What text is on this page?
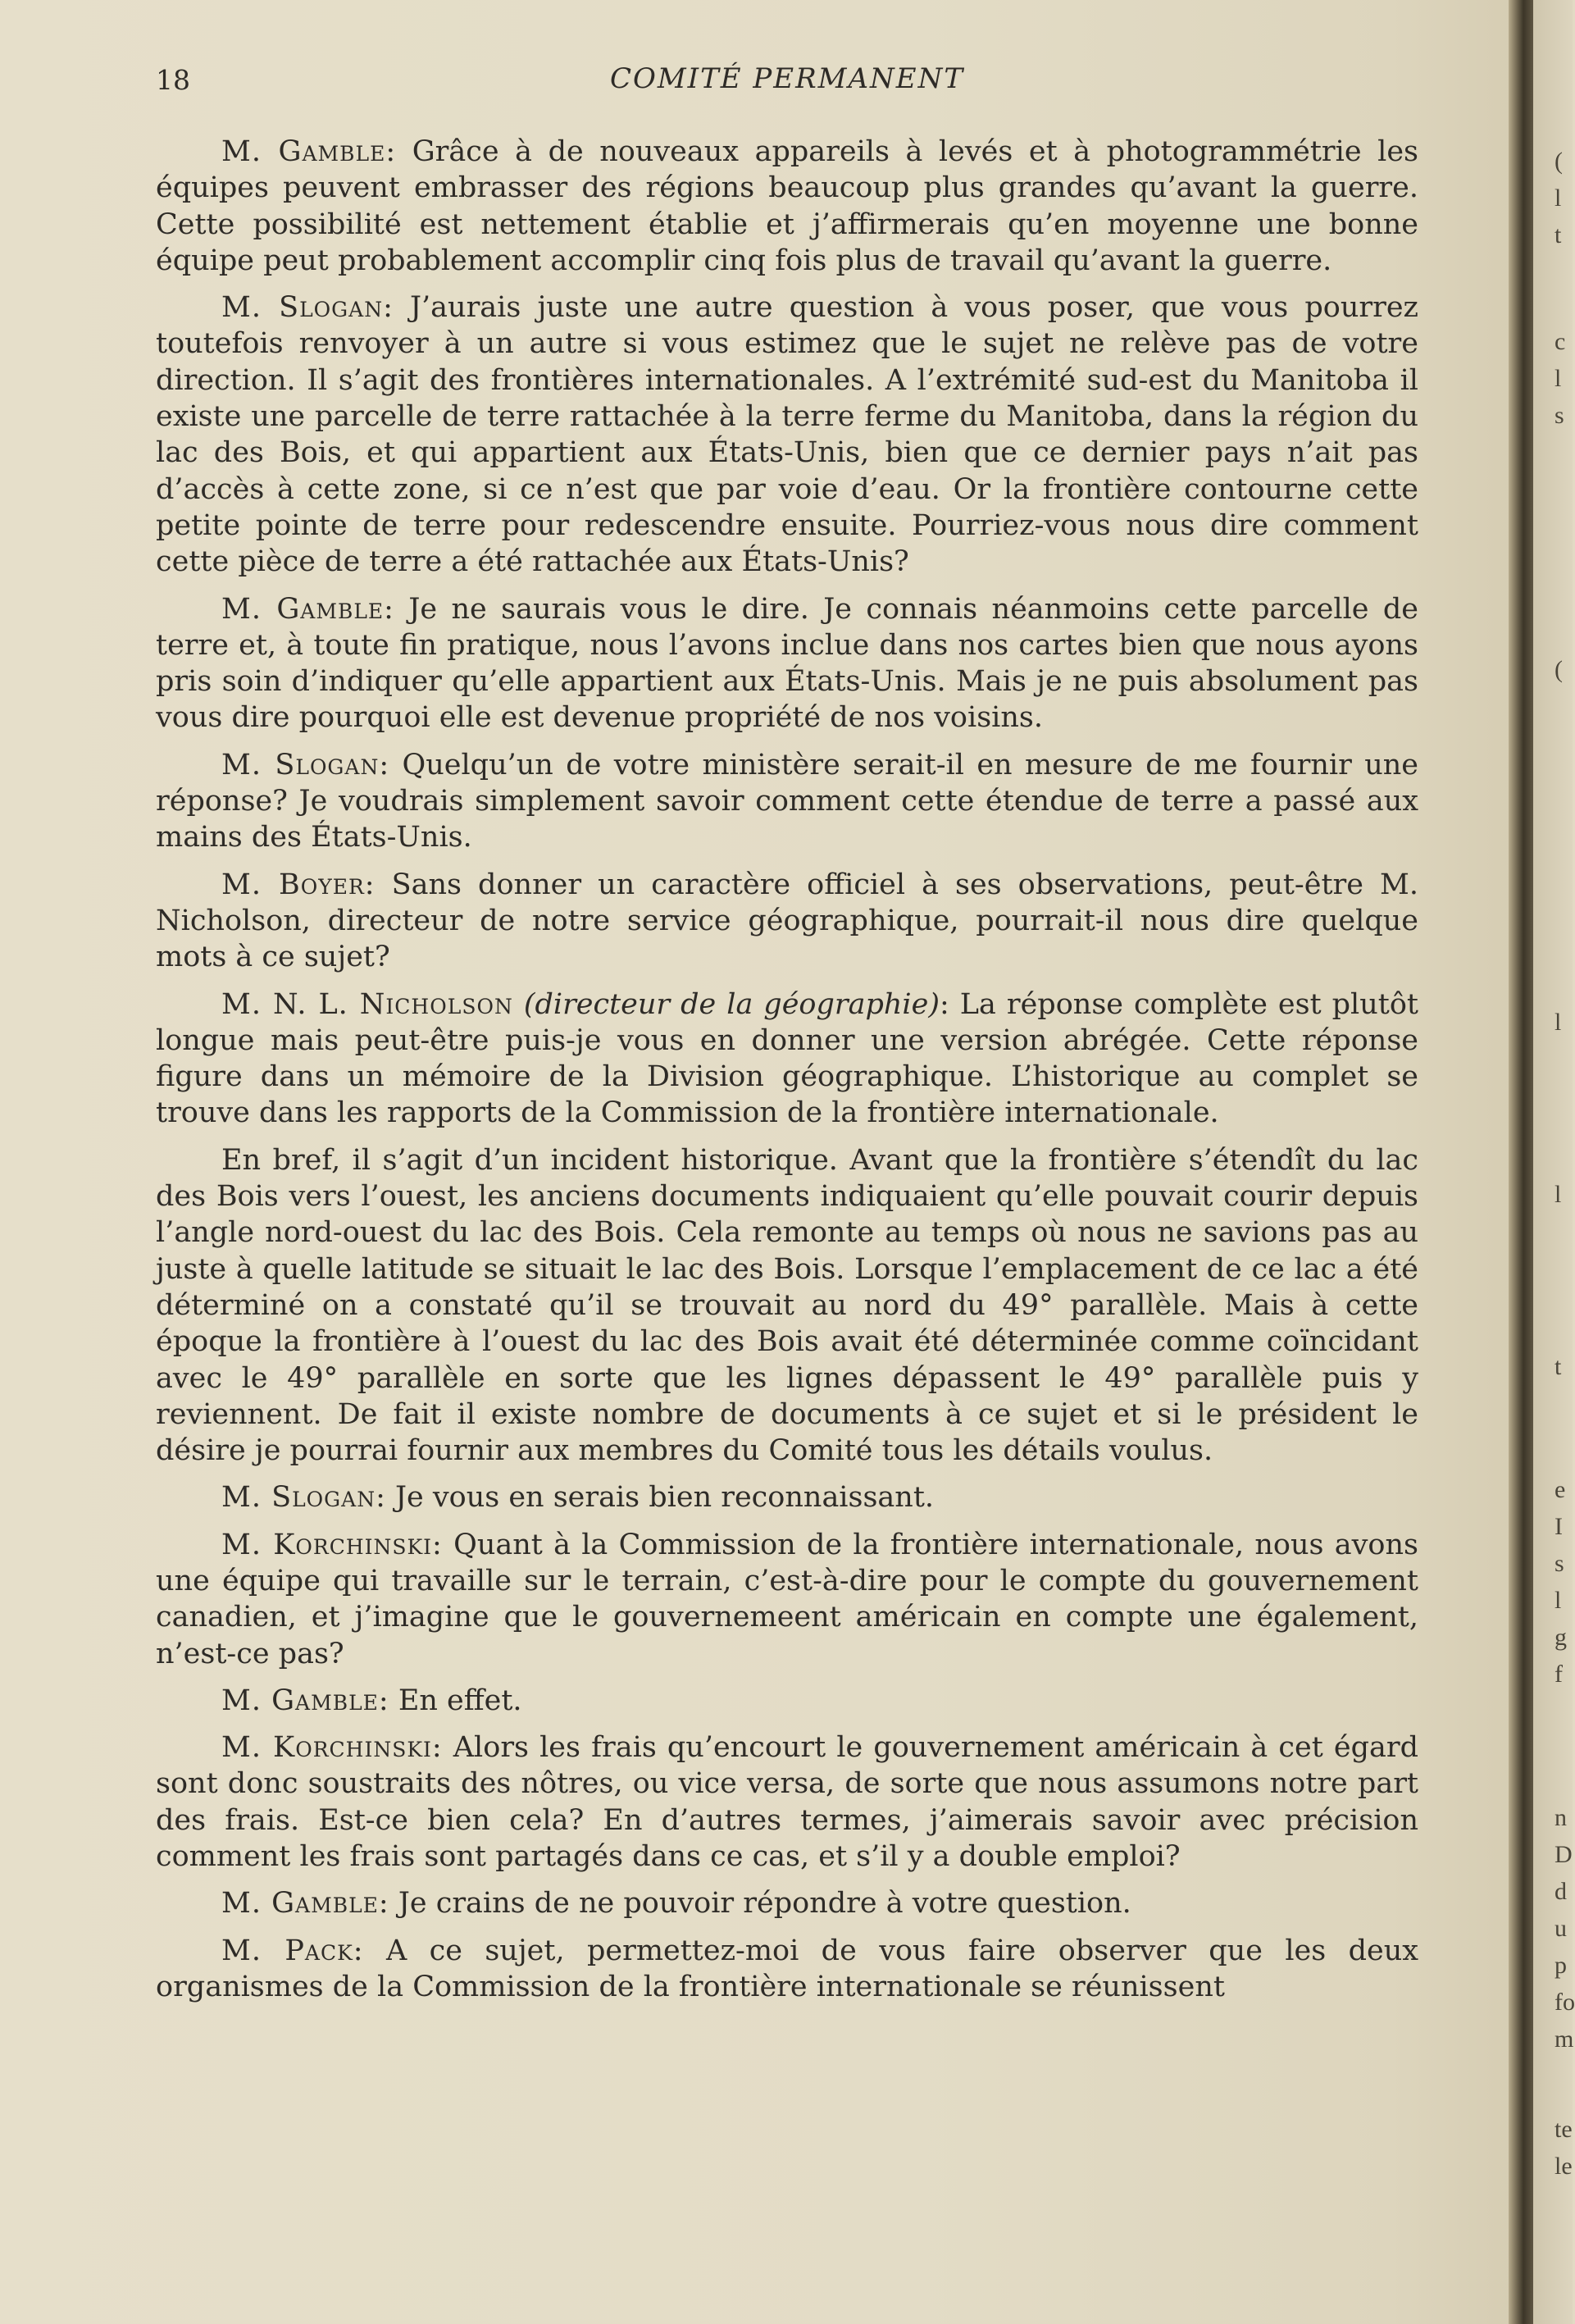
18	COMITÉ PERMANENT

M. Gamble: Grâce à de nouveaux appareils à levés et à photogrammétrie les équipes peuvent embrasser des régions beaucoup plus grandes qu’avant la guerre. Cette possibilité est nettement établie et j’affirmerais qu’en moyenne une bonne équipe peut probablement accomplir cinq fois plus de travail qu’avant la guerre.

M. Slogan: J’aurais juste une autre question à vous poser, que vous pourrez toutefois renvoyer à un autre si vous estimez que le sujet ne relève pas de votre direction. Il s’agit des frontières internationales. A l’extrémité sud-est du Manitoba il existe une parcelle de terre rattachée à la terre ferme du Manitoba, dans la région du lac des Bois, et qui appartient aux États-Unis, bien que ce dernier pays n’ait pas d’accès à cette zone, si ce n’est que par voie d’eau. Or la frontière contourne cette petite pointe de terre pour redescendre ensuite. Pourriez-vous nous dire comment cette pièce de terre a été rattachée aux États-Unis?

M. Gamble: Je ne saurais vous le dire. Je connais néanmoins cette parcelle de terre et, à toute fin pratique, nous l’avons inclue dans nos cartes bien que nous ayons pris soin d’indiquer qu’elle appartient aux États-Unis. Mais je ne puis absolument pas vous dire pourquoi elle est devenue propriété de nos voisins.

M. Slogan: Quelqu’un de votre ministère serait-il en mesure de me fournir une réponse? Je voudrais simplement savoir comment cette étendue de terre a passé aux mains des États-Unis.

M. Boyer: Sans donner un caractère officiel à ses observations, peut-être M. Nicholson, directeur de notre service géographique, pourrait-il nous dire quelque mots à ce sujet?

M. N. L. Nicholson (directeur de la géographie): La réponse complète est plutôt longue mais peut-être puis-je vous en donner une version abrégée. Cette réponse figure dans un mémoire de la Division géographique. L’historique au complet se trouve dans les rapports de la Commission de la frontière internationale.

En bref, il s’agit d’un incident historique. Avant que la frontière s’étendît du lac des Bois vers l’ouest, les anciens documents indiquaient qu’elle pouvait courir depuis l’angle nord-ouest du lac des Bois. Cela remonte au temps où nous ne savions pas au juste à quelle latitude se situait le lac des Bois. Lorsque l’emplacement de ce lac a été déterminé on a constaté qu’il se trouvait au nord du 49° parallèle. Mais à cette époque la frontière à l’ouest du lac des Bois avait été déterminée comme coïncidant avec le 49° parallèle en sorte que les lignes dépassent le 49° parallèle puis y reviennent. De fait il existe nombre de documents à ce sujet et si le président le désire je pourrai fournir aux membres du Comité tous les détails voulus.

M. Slogan: Je vous en serais bien reconnaissant.

M. Korchinski: Quant à la Commission de la frontière internationale, nous avons une équipe qui travaille sur le terrain, c’est-à-dire pour le compte du gouvernement canadien, et j’imagine que le gouvernemeent américain en compte une également, n’est-ce pas?

M. Gamble: En effet.

M. Korchinski: Alors les frais qu’encourt le gouvernement américain à cet égard sont donc soustraits des nôtres, ou vice versa, de sorte que nous assumons notre part des frais. Est-ce bien cela? En d’autres termes, j’aimerais savoir avec précision comment les frais sont partagés dans ce cas, et s’il y a double emploi?

M. Gamble: Je crains de ne pouvoir répondre à votre question.

M. Pack: A ce sujet, permettez-moi de vous faire observer que les deux organismes de la Commission de la frontière internationale se réunissent

(
l
t
c
l
s
(
l
l
t
e
I
s
l
g
f
n
D
d
u
p
fo
m
te
le
